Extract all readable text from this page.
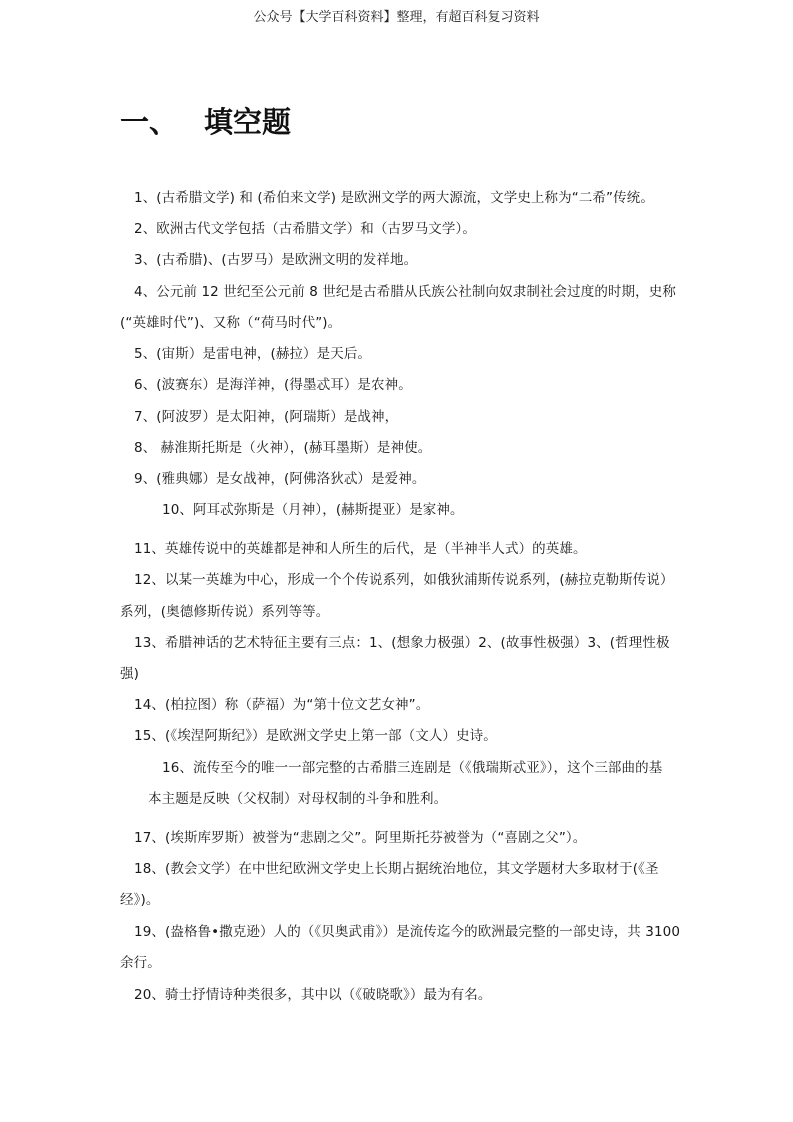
公众号【大学百科资料】整理，有超百科复习资料
一、 填空题
1、(古希腊文学) 和 (希伯来文学) 是欧洲文学的两大源流，文学史上称为“二希”传统。
2、欧洲古代文学包括（古希腊文学）和（古罗马文学）。
3、(古希腊)、(古罗马）是欧洲文明的发祥地。
4、公元前 12 世纪至公元前 8 世纪是古希腊从氏族公社制向奴隶制社会过度的时期，史称
(“英雄时代”)、又称（“荷马时代”)。
5、(宙斯）是雷电神，(赫拉）是天后。
6、(波赛东）是海洋神，(得墨忒耳）是农神。
7、(阿波罗）是太阳神，(阿瑞斯）是战神，
8、 赫淮斯托斯是（火神），(赫耳墨斯）是神使。
9、(雅典娜）是女战神，(阿佛洛狄忒）是爱神。
10、阿耳忒弥斯是（月神），(赫斯提亚）是家神。
11、英雄传说中的英雄都是神和人所生的后代，是（半神半人式）的英雄。
12、以某一英雄为中心，形成一个个传说系列，如俄狄浦斯传说系列，(赫拉克勒斯传说）
系列，(奥德修斯传说）系列等等。
13、希腊神话的艺术特征主要有三点：1、(想象力极强）2、(故事性极强）3、(哲理性极
强)
14、(柏拉图）称（萨福）为“第十位文艺女神”。
15、(《埃涅阿斯纪》）是欧洲文学史上第一部（文人）史诗。
16、流传至今的唯一一部完整的古希腊三连剧是（《俄瑞斯忒亚》），这个三部曲的基
本主题是反映（父权制）对母权制的斗争和胜利。
17、(埃斯库罗斯）被誉为“悲剧之父”。阿里斯托芬被誉为（“喜剧之父”）。
18、(教会文学）在中世纪欧洲文学史上长期占据统治地位，其文学题材大多取材于(《圣
经》)。
19、(盎格鲁•撒克逊）人的（《贝奥武甫》）是流传迄今的欧洲最完整的一部史诗，共 3100
余行。
20、骑士抒情诗种类很多，其中以（《破晓歌》）最为有名。
